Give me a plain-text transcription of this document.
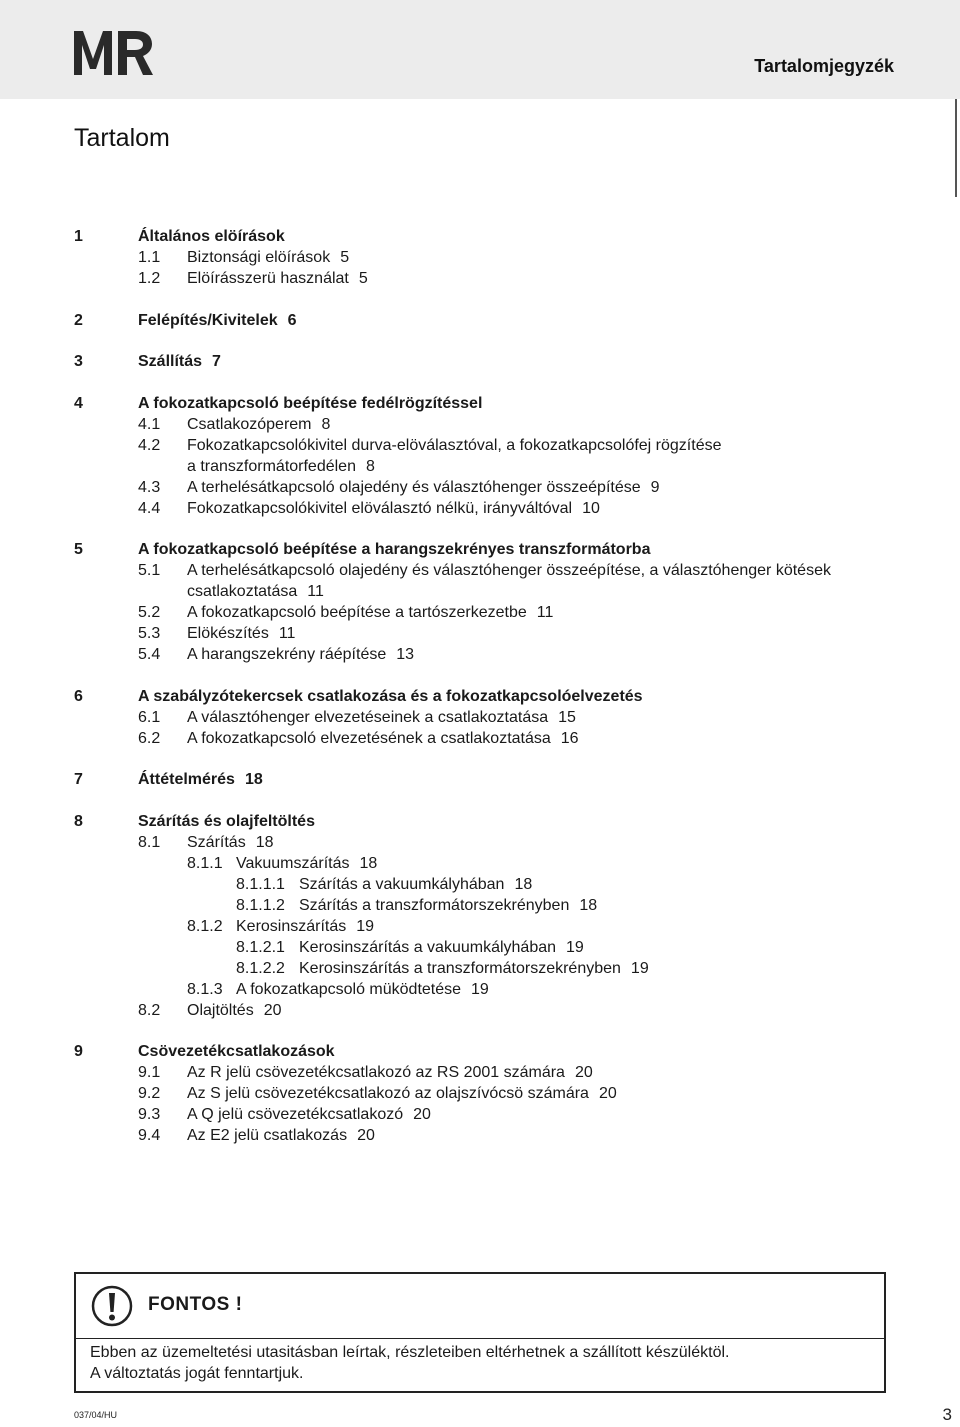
Tartalomjegyzék
Tartalom
1	Általános elöírások
1.1 Biztonsági elöírások 5
1.2 Elöírásszerü használat 5
2	Felépítés/Kivitelek 6
3	Szállítás 7
4	A fokozatkapcsoló beépítése fedélrögzítéssel
4.1 Csatlakozóperem 8
4.2 Fokozatkapcsolókivitel durva-elöválasztóval, a fokozatkapcsolófej rögzítése
a transzformátorfedélen 8
4.3 A terhelésátkapcsoló olajedény és választóhenger összeépítése 9
4.4 Fokozatkapcsolókivitel elöválasztó nélkü, irányváltóval 10
5	A fokozatkapcsoló beépítése a harangszekrényes transzformátorba
5.1 A terhelésátkapcsoló olajedény és választóhenger összeépítése, a választóhenger kötések
csatlakoztatása 11
5.2 A fokozatkapcsoló beépítése a tartószerkezetbe 11
5.3 Elökészítés 11
5.4 A harangszekrény ráépítése 13
6	A szabályzótekercsek csatlakozása és a fokozatkapcsolóelvezetés
6.1 A választóhenger elvezetéseinek a csatlakoztatása 15
6.2 A fokozatkapcsoló elvezetésének a csatlakoztatása 16
7	Áttételmérés 18
8	Szárítás és olajfeltöltés
8.1 Szárítás 18
8.1.1 Vakuumszárítás 18
8.1.1.1 Szárítás a vakuumkályhában 18
8.1.1.2 Szárítás a transzformátorszekrényben 18
8.1.2 Kerosinszárítás 19
8.1.2.1 Kerosinszárítás a vakuumkályhában 19
8.1.2.2 Kerosinszárítás a transzformátorszekrényben 19
8.1.3 A fokozatkapcsoló müködtetése 19
8.2 Olajtöltés 20
9	Csövezetékcsatlakozások
9.1 Az R jelü csövezetékcsatlakozó az RS 2001 számára 20
9.2 Az S jelü csövezetékcsatlakozó az olajszívócsö számára 20
9.3 A Q jelü csövezetékcsatlakozó 20
9.4 Az E2 jelü csatlakozás 20
FONTOS !
Ebben az üzemeltetési utasitásban leírtak, részleteiben eltérhetnek a szállított készüléktöl.
A változtatás jogát fenntartjuk.
037/04/HU	3
